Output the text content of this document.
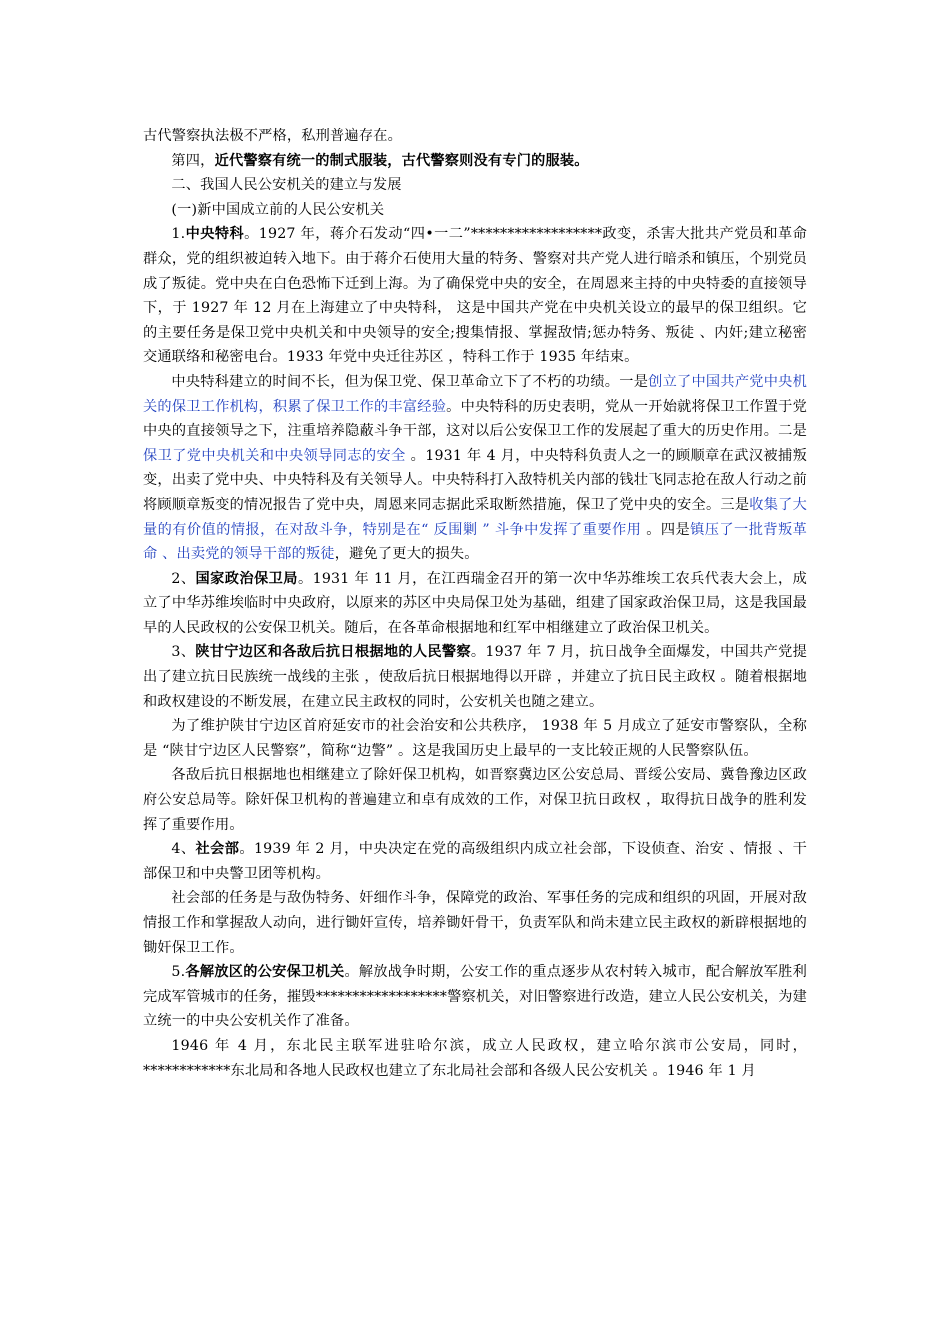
古代警察执法极不严格，私刑普遍存在。

第四，近代警察有统一的制式服装，古代警察则没有专门的服装。

二、我国人民公安机关的建立与发展

(一)新中国成立前的人民公安机关

1.中央特科。1927 年，蒋介石发动“四•一二”******************政变，杀害大批共产党员和革命群众，党的组织被迫转入地下。由于蒋介石使用大量的特务、警察对共产党人进行暗杀和镇压，个别党员成了叛徒。党中央在白色恐怖下迁到上海。为了确保党中央的安全，在周恩来主持的中央特委的直接领导下，于 1927 年 12 月在上海建立了中央特科， 这是中国共产党在中央机关设立的最早的保卫组织。它的主要任务是保卫党中央机关和中央领导的安全;搜集情报、掌握敌情;惩办特务、叛徒 、内奸;建立秘密交通联络和秘密电台。1933 年党中央迁往苏区 ，特科工作于 1935 年结束。

中央特科建立的时间不长，但为保卫党、保卫革命立下了不朽的功绩。一是创立了中国共产党中央机关的保卫工作机构，积累了保卫工作的丰富经验。中央特科的历史表明，党从一开始就将保卫工作置于党中央的直接领导之下，注重培养隐蔽斗争干部，这对以后公安保卫工作的发展起了重大的历史作用。二是保卫了党中央机关和中央领导同志的安全 。1931 年 4 月，中央特科负责人之一的顾顺章在武汉被捕叛变，出卖了党中央、中央特科及有关领导人。中央特科打入敌特机关内部的钱壮飞同志抢在敌人行动之前将顾顺章叛变的情况报告了党中央，周恩来同志据此采取断然措施，保卫了党中央的安全。三是收集了大量的有价值的情报，在对敌斗争，特别是在“ 反围剿 ” 斗争中发挥了重要作用 。四是镇压了一批背叛革命 、出卖党的领导干部的叛徒，避免了更大的损失。

2、国家政治保卫局。1931 年 11 月，在江西瑞金召开的第一次中华苏维埃工农兵代表大会上，成立了中华苏维埃临时中央政府，以原来的苏区中央局保卫处为基础，组建了国家政治保卫局，这是我国最早的人民政权的公安保卫机关。随后，在各革命根据地和红军中相继建立了政治保卫机关。

3、陕甘宁边区和各敌后抗日根据地的人民警察。1937 年 7 月，抗日战争全面爆发，中国共产党提出了建立抗日民族统一战线的主张 ，使敌后抗日根据地得以开辟 ，并建立了抗日民主政权 。随着根据地和政权建设的不断发展，在建立民主政权的同时，公安机关也随之建立。

为了维护陕甘宁边区首府延安市的社会治安和公共秩序， 1938 年 5 月成立了延安市警察队，全称是 “陕甘宁边区人民警察”，简称“边警” 。这是我国历史上最早的一支比较正规的人民警察队伍。

各敌后抗日根据地也相继建立了除奸保卫机构，如晋察冀边区公安总局、晋绥公安局、冀鲁豫边区政府公安总局等。除奸保卫机构的普遍建立和卓有成效的工作，对保卫抗日政权 ，取得抗日战争的胜利发挥了重要作用。

4、社会部。1939 年 2 月，中央决定在党的高级组织内成立社会部，下设侦查、治安 、情报 、干部保卫和中央警卫团等机构。

社会部的任务是与敌伪特务、奸细作斗争，保障党的政治、军事任务的完成和组织的巩固，开展对敌情报工作和掌握敌人动向，进行锄奸宣传，培养锄奸骨干，负责军队和尚未建立民主政权的新辟根据地的锄奸保卫工作。

5.各解放区的公安保卫机关。解放战争时期，公安工作的重点逐步从农村转入城市，配合解放军胜利完成军管城市的任务，摧毁******************警察机关，对旧警察进行改造，建立人民公安机关，为建立统一的中央公安机关作了准备。

1946 年 4 月，东北民主联军进驻哈尔滨，成立人民政权，建立哈尔滨市公安局，同时，************东北局和各地人民政权也建立了东北局社会部和各级人民公安机关 。1946 年 1 月
